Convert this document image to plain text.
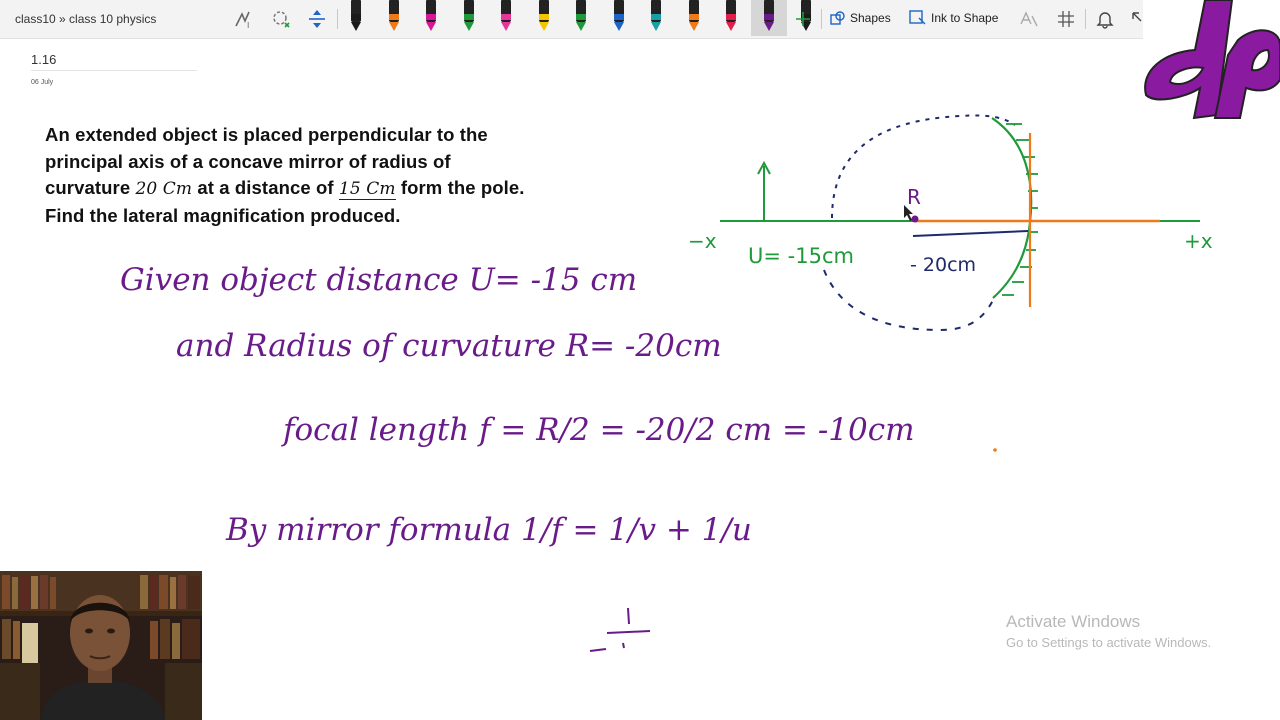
class10 » class 10 physics	I
Shapes	Ink to Shape
1.16
06 July
An extended object is placed perpendicular to the
principal axis of a concave mirror of radius of
curvature 20 Cm at a distance of 15 Cm form the pole.
Find the lateral magnification produced.
R
−x	+x
U= -15cm	- 20cm
Given object distance U= -15 cm
and Radius of curvature R= -20cm
focal length f = R/2 = -20/2 cm = -10cm
By mirror formula 1/f = 1/v + 1/u
Activate Windows
Go to Settings to activate Windows.
